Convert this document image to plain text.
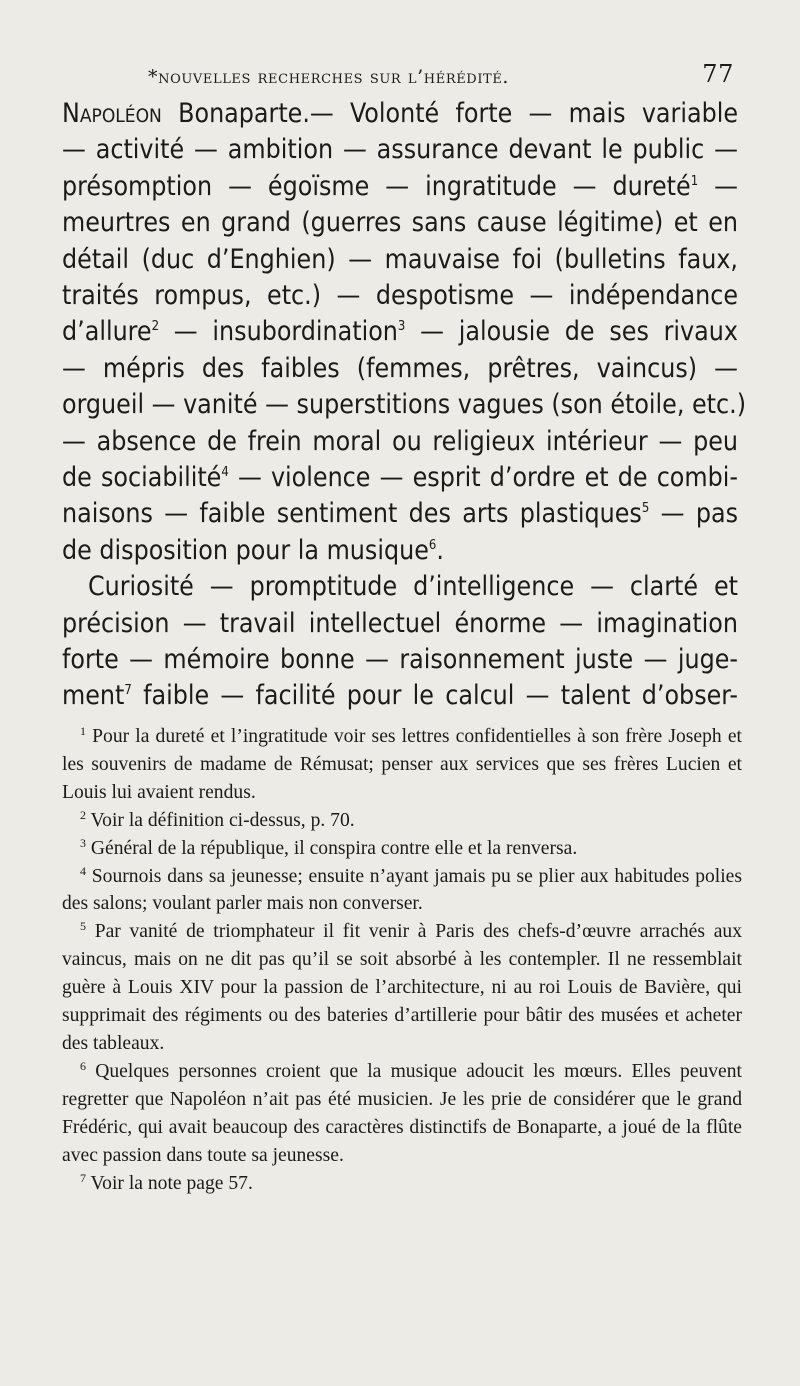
*nouvelles recherches sur l’hérédité.	77
Napoléon Bonaparte.— Volonté forte — mais variable
— activité — ambition — assurance devant le public —
présomption — égoïsme — ingratitude — dureté$^1$ —
meurtres en grand (guerres sans cause légitime) et en
détail (duc d’Enghien) — mauvaise foi (bulletins faux,
traités rompus, etc.) — despotisme — indépendance
d’allure$^2$ — insubordination$^3$ — jalousie de ses rivaux
— mépris des faibles (femmes, prêtres, vaincus) —
orgueil — vanité — superstitions vagues (son étoile, etc.)
— absence de frein moral ou religieux intérieur — peu
de sociabilité$^4$ — violence — esprit d’ordre et de combi-
naisons — faible sentiment des arts plastiques$^5$ — pas
de disposition pour la musique$^6$.
Curiosité — promptitude d’intelligence — clarté et
précision — travail intellectuel énorme — imagination
forte — mémoire bonne — raisonnement juste — juge-
ment$^7$ faible — facilité pour le calcul — talent d’obser-
$^1$ Pour la dureté et l’ingratitude voir ses lettres confidentielles à son frère Joseph et les souvenirs de madame de Rémusat; penser aux services que ses frères Lucien et Louis lui avaient rendus.
$^2$ Voir la définition ci-dessus, p. 70.
$^3$ Général de la république, il conspira contre elle et la renversa.
$^4$ Sournois dans sa jeunesse; ensuite n’ayant jamais pu se plier aux habitudes polies des salons; voulant parler mais non converser.
$^5$ Par vanité de triomphateur il fit venir à Paris des chefs-d’œuvre arrachés aux vaincus, mais on ne dit pas qu’il se soit absorbé à les contempler. Il ne ressemblait guère à Louis XIV pour la passion de l’architecture, ni au roi Louis de Bavière, qui supprimait des régiments ou des bateries d’artillerie pour bâtir des musées et acheter des tableaux.
$^6$ Quelques personnes croient que la musique adoucit les mœurs. Elles peuvent regretter que Napoléon n’ait pas été musicien. Je les prie de considérer que le grand Frédéric, qui avait beaucoup des caractères distinctifs de Bonaparte, a joué de la flûte avec passion dans toute sa jeunesse.
$^7$ Voir la note page 57.
